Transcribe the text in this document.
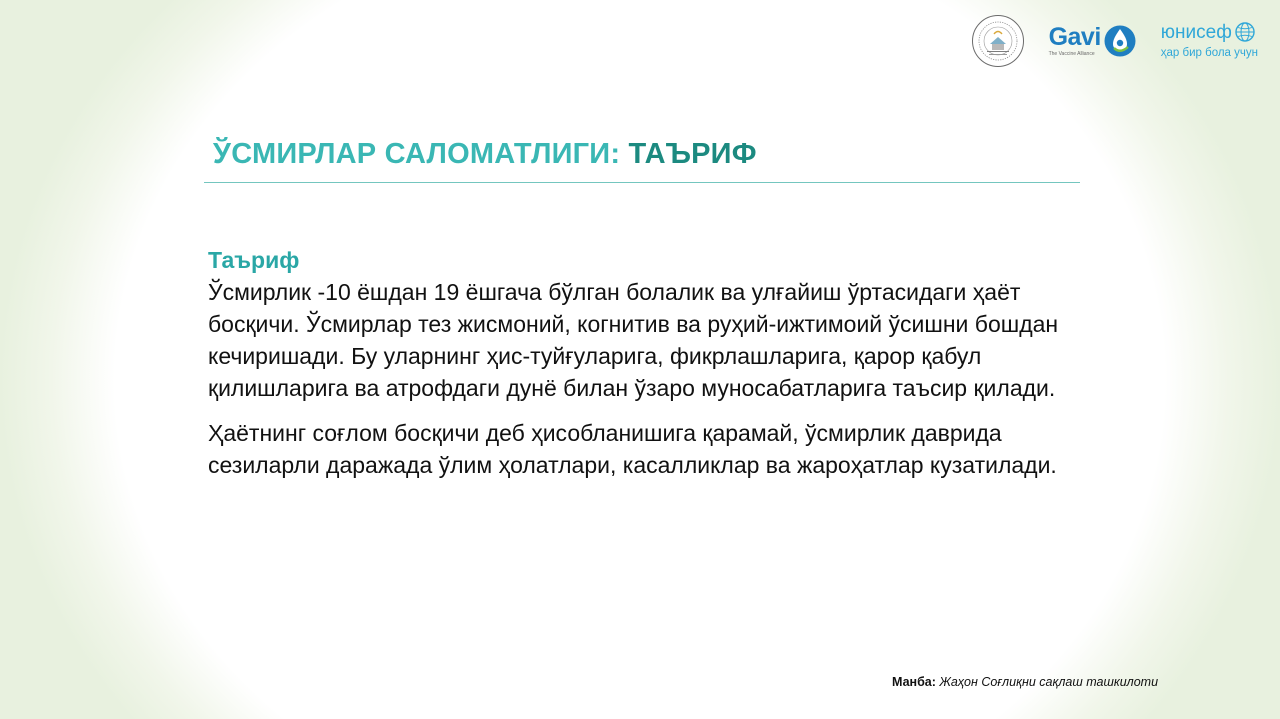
Gavi
The Vaccine Alliance
юнисеф
ҳар бир бола учун
ЎСМИРЛАР САЛОМАТЛИГИ: ТАЪРИФ
Таъриф

Ўсмирлик -10 ёшдан 19 ёшгача бўлган болалик ва улғайиш ўртасидаги ҳаёт босқичи. Ўсмирлар тез жисмоний, когнитив ва руҳий-ижтимоий ўсишни бошдан кечиришади. Бу уларнинг ҳис-туйғуларига, фикрлашларига, қарор қабул қилишларига ва атрофдаги дунё билан ўзаро муносабатларига таъсир қилади.

Ҳаётнинг соғлом босқичи деб ҳисобланишига қарамай, ўсмирлик даврида сезиларли даражада ўлим ҳолатлари, касалликлар ва жароҳатлар кузатилади.

Манба: Жаҳон Соғлиқни сақлаш ташкилоти
